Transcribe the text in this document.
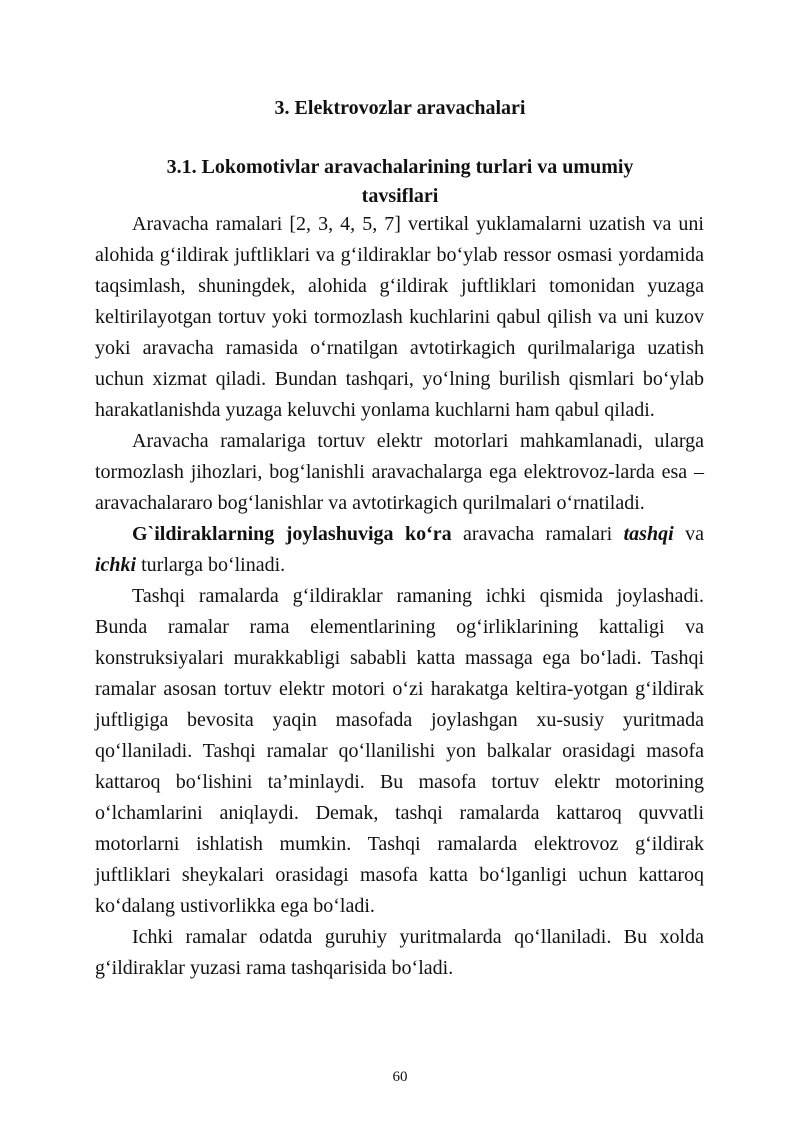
3. Elektrovozlar aravachalari
3.1. Lokomotivlar aravachalarining turlari va umumiy tavsiflari

Aravacha ramalari [2, 3, 4, 5, 7] vertikal yuklamalarni uzatish va uni alohida g‘ildirak juftliklari va g‘ildiraklar bo‘ylab ressor osmasi yordamida taqsimlash, shuningdek, alohida g‘ildirak juftliklari tomonidan yuzaga keltirilayotgan tortuv yoki tormozlash kuchlarini qabul qilish va uni kuzov yoki aravacha ramasida o‘rnatilgan avtotirkagich qurilmalariga uzatish uchun xizmat qiladi. Bundan tashqari, yo‘lning burilish qismlari bo‘ylab harakatlanishda yuzaga keluvchi yonlama kuchlarni ham qabul qiladi.

Aravacha ramalariga tortuv elektr motorlari mahkamlanadi, ularga tormozlash jihozlari, bog‘lanishli aravachalarga ega elektrovoz-larda esa – aravachalararo bog‘lanishlar va avtotirkagich qurilmalari o‘rnatiladi.

G`ildiraklarning joylashuviga ko‘ra aravacha ramalari tashqi va ichki turlarga bo‘linadi.

Tashqi ramalarda g‘ildiraklar ramaning ichki qismida joylashadi. Bunda ramalar rama elementlarining og‘irliklarining kattaligi va konstruksiyalari murakkabligi sababli katta massaga ega bo‘ladi. Tashqi ramalar asosan tortuv elektr motori o‘zi harakatga keltira-yotgan g‘ildirak juftligiga bevosita yaqin masofada joylashgan xu-susiy yuritmada qo‘llaniladi. Tashqi ramalar qo‘llanilishi yon balkalar orasidagi masofa kattaroq bo‘lishini ta’minlaydi. Bu masofa tortuv elektr motorining o‘lchamlarini aniqlaydi. Demak, tashqi ramalarda kattaroq quvvatli motorlarni ishlatish mumkin. Tashqi ramalarda elektrovoz g‘ildirak juftliklari sheykalari orasidagi masofa katta bo‘lganligi uchun kattaroq ko‘dalang ustivorlikka ega bo‘ladi.

Ichki ramalar odatda guruhiy yuritmalarda qo‘llaniladi. Bu xolda g‘ildiraklar yuzasi rama tashqarisida bo‘ladi.

60
